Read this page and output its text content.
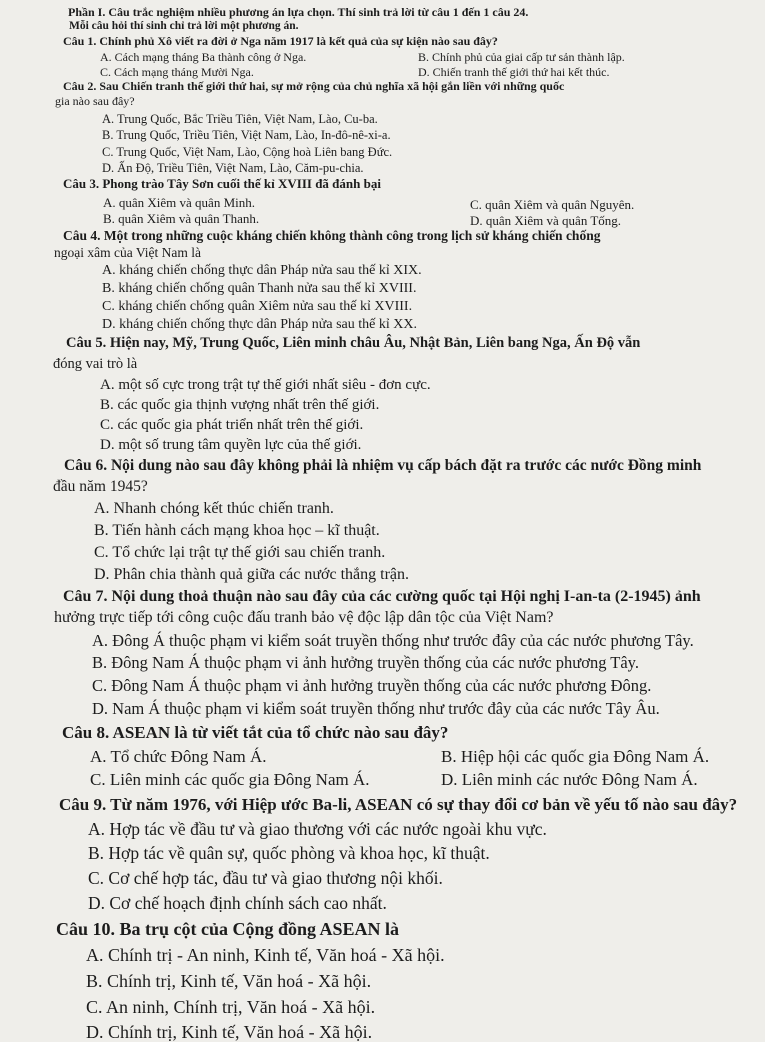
Phần I. Câu trắc nghiệm nhiều phương án lựa chọn. Thí sinh trả lời từ câu 1 đến 1 câu 24.
Mỗi câu hỏi thí sinh chỉ trả lời một phương án.
Câu 1. Chính phủ Xô viết ra đời ở Nga năm 1917 là kết quả của sự kiện nào sau đây?
A. Cách mạng tháng Ba thành công ở Nga.	B. Chính phủ của giai cấp tư sản thành lập.
C. Cách mạng tháng Mười Nga.	D. Chiến tranh thế giới thứ hai kết thúc.
Câu 2. Sau Chiến tranh thế giới thứ hai, sự mở rộng của chủ nghĩa xã hội gắn liền với những quốc
gia nào sau đây?
A. Trung Quốc, Bắc Triều Tiên, Việt Nam, Lào, Cu-ba.
B. Trung Quốc, Triều Tiên, Việt Nam, Lào, In-đô-nê-xi-a.
C. Trung Quốc, Việt Nam, Lào, Cộng hoà Liên bang Đức.
D. Ấn Độ, Triều Tiên, Việt Nam, Lào, Căm-pu-chia.
Câu 3. Phong trào Tây Sơn cuối thế kỉ XVIII đã đánh bại
A. quân Xiêm và quân Minh.	C. quân Xiêm và quân Nguyên.
B. quân Xiêm và quân Thanh.	D. quân Xiêm và quân Tống.
Câu 4. Một trong những cuộc kháng chiến không thành công trong lịch sử kháng chiến chống
ngoại xâm của Việt Nam là
A. kháng chiến chống thực dân Pháp nửa sau thế kỉ XIX.
B. kháng chiến chống quân Thanh nửa sau thế kỉ XVIII.
C. kháng chiến chống quân Xiêm nửa sau thế kỉ XVIII.
D. kháng chiến chống thực dân Pháp nửa sau thế kỉ XX.
Câu 5. Hiện nay, Mỹ, Trung Quốc, Liên minh châu Âu, Nhật Bản, Liên bang Nga, Ấn Độ vẫn
đóng vai trò là
A. một số cực trong trật tự thế giới nhất siêu - đơn cực.
B. các quốc gia thịnh vượng nhất trên thế giới.
C. các quốc gia phát triển nhất trên thế giới.
D. một số trung tâm quyền lực của thế giới.
Câu 6. Nội dung nào sau đây không phải là nhiệm vụ cấp bách đặt ra trước các nước Đồng minh
đầu năm 1945?
A. Nhanh chóng kết thúc chiến tranh.
B. Tiến hành cách mạng khoa học – kĩ thuật.
C. Tổ chức lại trật tự thế giới sau chiến tranh.
D. Phân chia thành quả giữa các nước thắng trận.
Câu 7. Nội dung thoả thuận nào sau đây của các cường quốc tại Hội nghị I-an-ta (2-1945) ảnh
hưởng trực tiếp tới công cuộc đấu tranh bảo vệ độc lập dân tộc của Việt Nam?
A. Đông Á thuộc phạm vi kiểm soát truyền thống như trước đây của các nước phương Tây.
B. Đông Nam Á thuộc phạm vi ảnh hưởng truyền thống của các nước phương Tây.
C. Đông Nam Á thuộc phạm vi ảnh hưởng truyền thống của các nước phương Đông.
D. Nam Á thuộc phạm vi kiểm soát truyền thống như trước đây của các nước Tây Âu.
Câu 8. ASEAN là từ viết tắt của tổ chức nào sau đây?
A. Tổ chức Đông Nam Á.	B. Hiệp hội các quốc gia Đông Nam Á.
C. Liên minh các quốc gia Đông Nam Á.	D. Liên minh các nước Đông Nam Á.
Câu 9. Từ năm 1976, với Hiệp ước Ba-li, ASEAN có sự thay đổi cơ bản về yếu tố nào sau đây?
A. Hợp tác về đầu tư và giao thương với các nước ngoài khu vực.
B. Hợp tác về quân sự, quốc phòng và khoa học, kĩ thuật.
C. Cơ chế hợp tác, đầu tư và giao thương nội khối.
D. Cơ chế hoạch định chính sách cao nhất.
Câu 10. Ba trụ cột của Cộng đồng ASEAN là
A. Chính trị - An ninh, Kinh tế, Văn hoá - Xã hội.
B. Chính trị, Kinh tế, Văn hoá - Xã hội.
C. An ninh, Chính trị, Văn hoá - Xã hội.
D. Chính trị, Kinh tế, Văn hoá - Xã hội.
